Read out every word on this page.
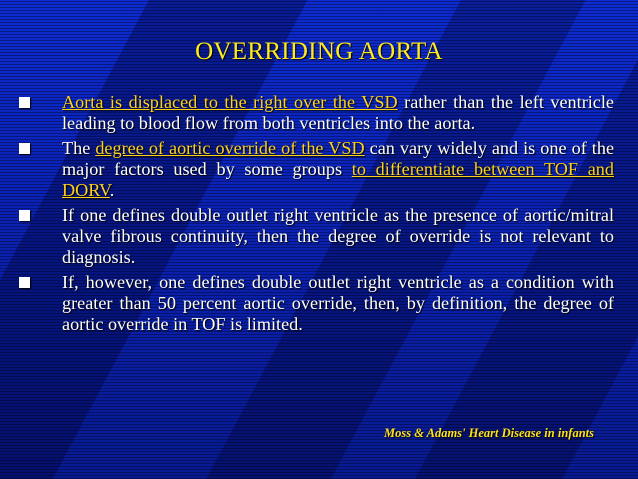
OVERRIDING AORTA
Aorta is displaced to the right over the VSD rather than the left ventricle leading to blood flow from both ventricles into the aorta.
The degree of aortic override of the VSD can vary widely and is one of the major factors used by some groups to differentiate between TOF and DORV.
If one defines double outlet right ventricle as the presence of aortic/mitral valve fibrous continuity, then the degree of override is not relevant to diagnosis.
If, however, one defines double outlet right ventricle as a condition with greater than 50 percent aortic override, then, by definition, the degree of aortic override in TOF is limited.
Moss & Adams' Heart Disease in infants
